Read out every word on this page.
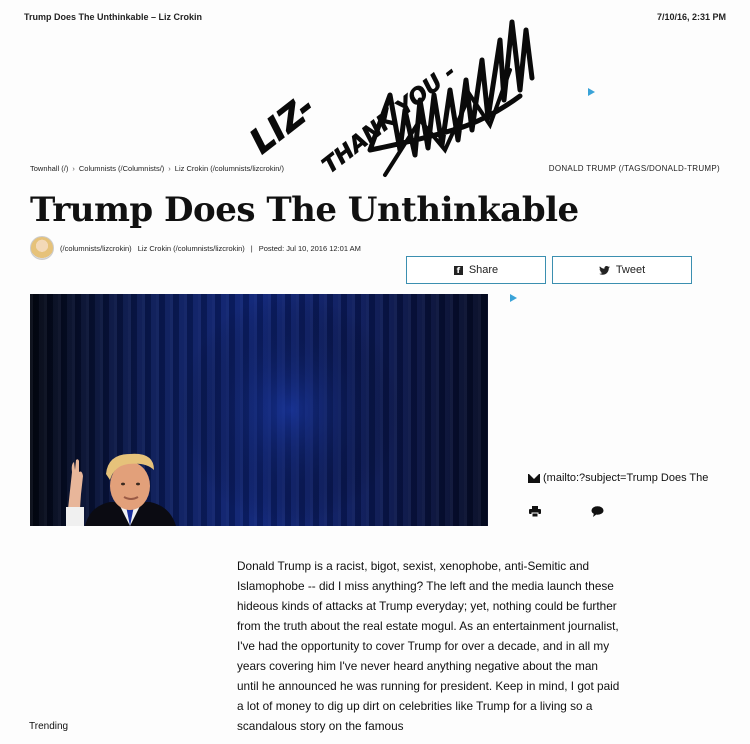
Trump Does The Unthinkable – Liz Crokin	7/10/16, 2:31 PM
LIZ-
THANK YOU -
Townhall (/) › Columnists (/Columnists/) › Liz Crokin (/columnists/lizcrokin/)	DONALD TRUMP (/TAGS/DONALD-TRUMP)
Trump Does The Unthinkable
(/columnists/lizcrokin) Liz Crokin (/columnists/lizcrokin) | Posted: Jul 10, 2016 12:01 AM
f Share	Tweet
(mailto:?subject=Trump Does The

Donald Trump is a racist, bigot, sexist, xenophobe, anti-Semitic and Islamophobe -- did I miss anything? The left and the media launch these hideous kinds of attacks at Trump everyday; yet, nothing could be further from the truth about the real estate mogul. As an entertainment journalist, I've had the opportunity to cover Trump for over a decade, and in all my years covering him I've never heard anything negative about the man until he announced he was running for president. Keep in mind, I got paid a lot of money to dig up dirt on celebrities like Trump for a living so a scandalous story on the famous

Trending
